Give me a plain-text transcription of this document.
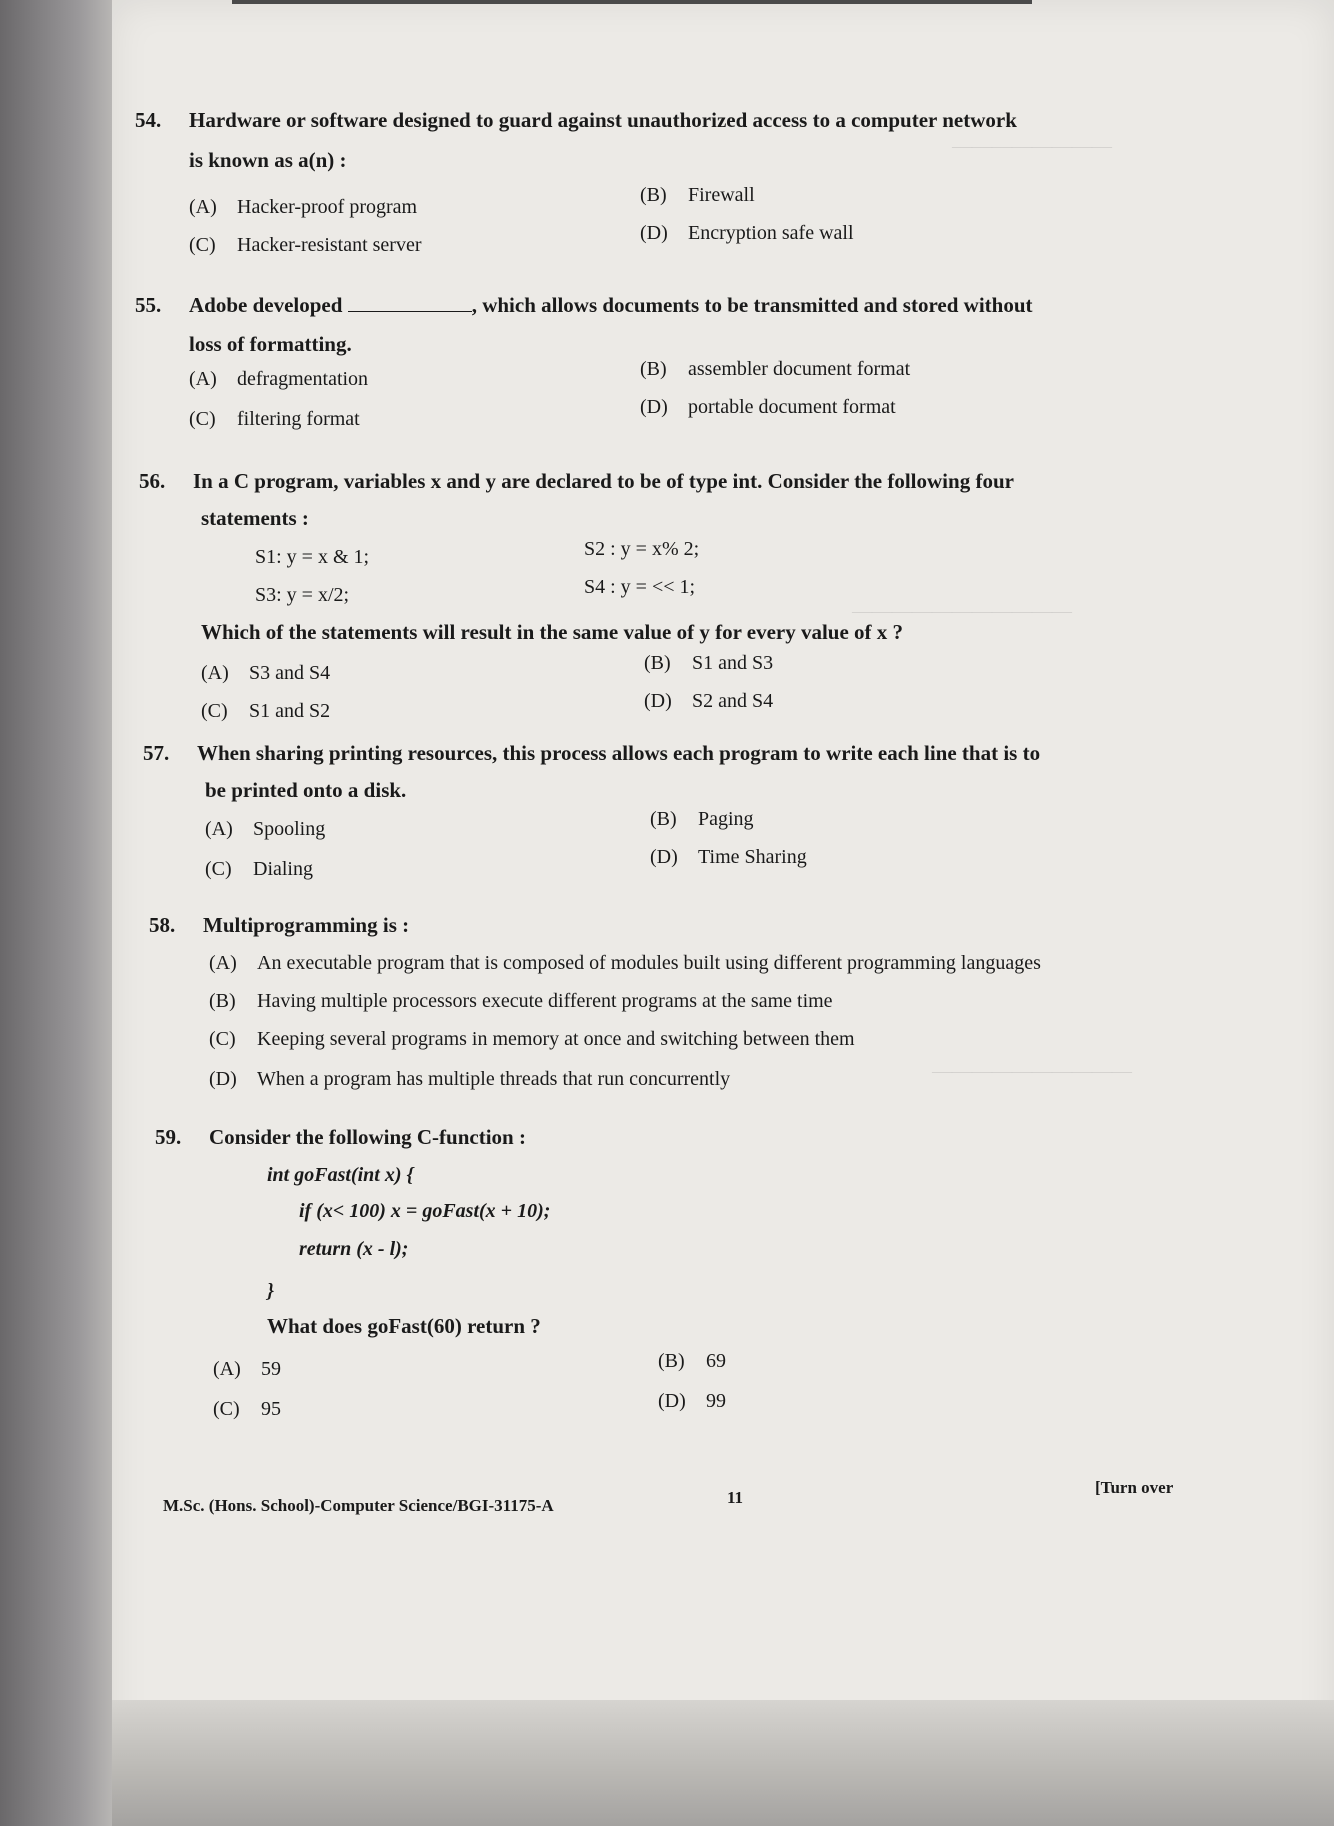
————————
———————————
——————————
54. Hardware or software designed to guard against unauthorized access to a computer network
is known as a(n) :
(A) Hacker-proof program
(B) Firewall
(C) Hacker-resistant server
(D) Encryption safe wall
55. Adobe developed	, which allows documents to be transmitted and stored without
loss of formatting.
(A) defragmentation	(B) assembler document format
(C) filtering format
(D) portable document format
56. In a C program, variables x and y are declared to be of type int. Consider the following four
statements :
S1: y = x & 1;	S2 : y = x% 2;
S3: y = x/2;	S4 : y = << 1;
Which of the statements will result in the same value of y for every value of x ?
(A) S3 and S4	(B) S1 and S3
(C) S1 and S2	(D) S2 and S4
57. When sharing printing resources, this process allows each program to write each line that is to
be printed onto a disk.
(A) Spooling	(B) Paging
(C) Dialing
(D) Time Sharing
58. Multiprogramming is :
(A) An executable program that is composed of modules built using different programming languages
(B) Having multiple processors execute different programs at the same time
(C) Keeping several programs in memory at once and switching between them
(D) When a program has multiple threads that run concurrently
59. Consider the following C-function :
int goFast(int x) {
if (x< 100) x = goFast(x + 10);
return (x - l);
}
What does goFast(60) return ?
(A) 59	(B) 69
(C) 95	(D) 99
M.Sc. (Hons. School)-Computer Science/BGI-31175-A	11
[Turn over
